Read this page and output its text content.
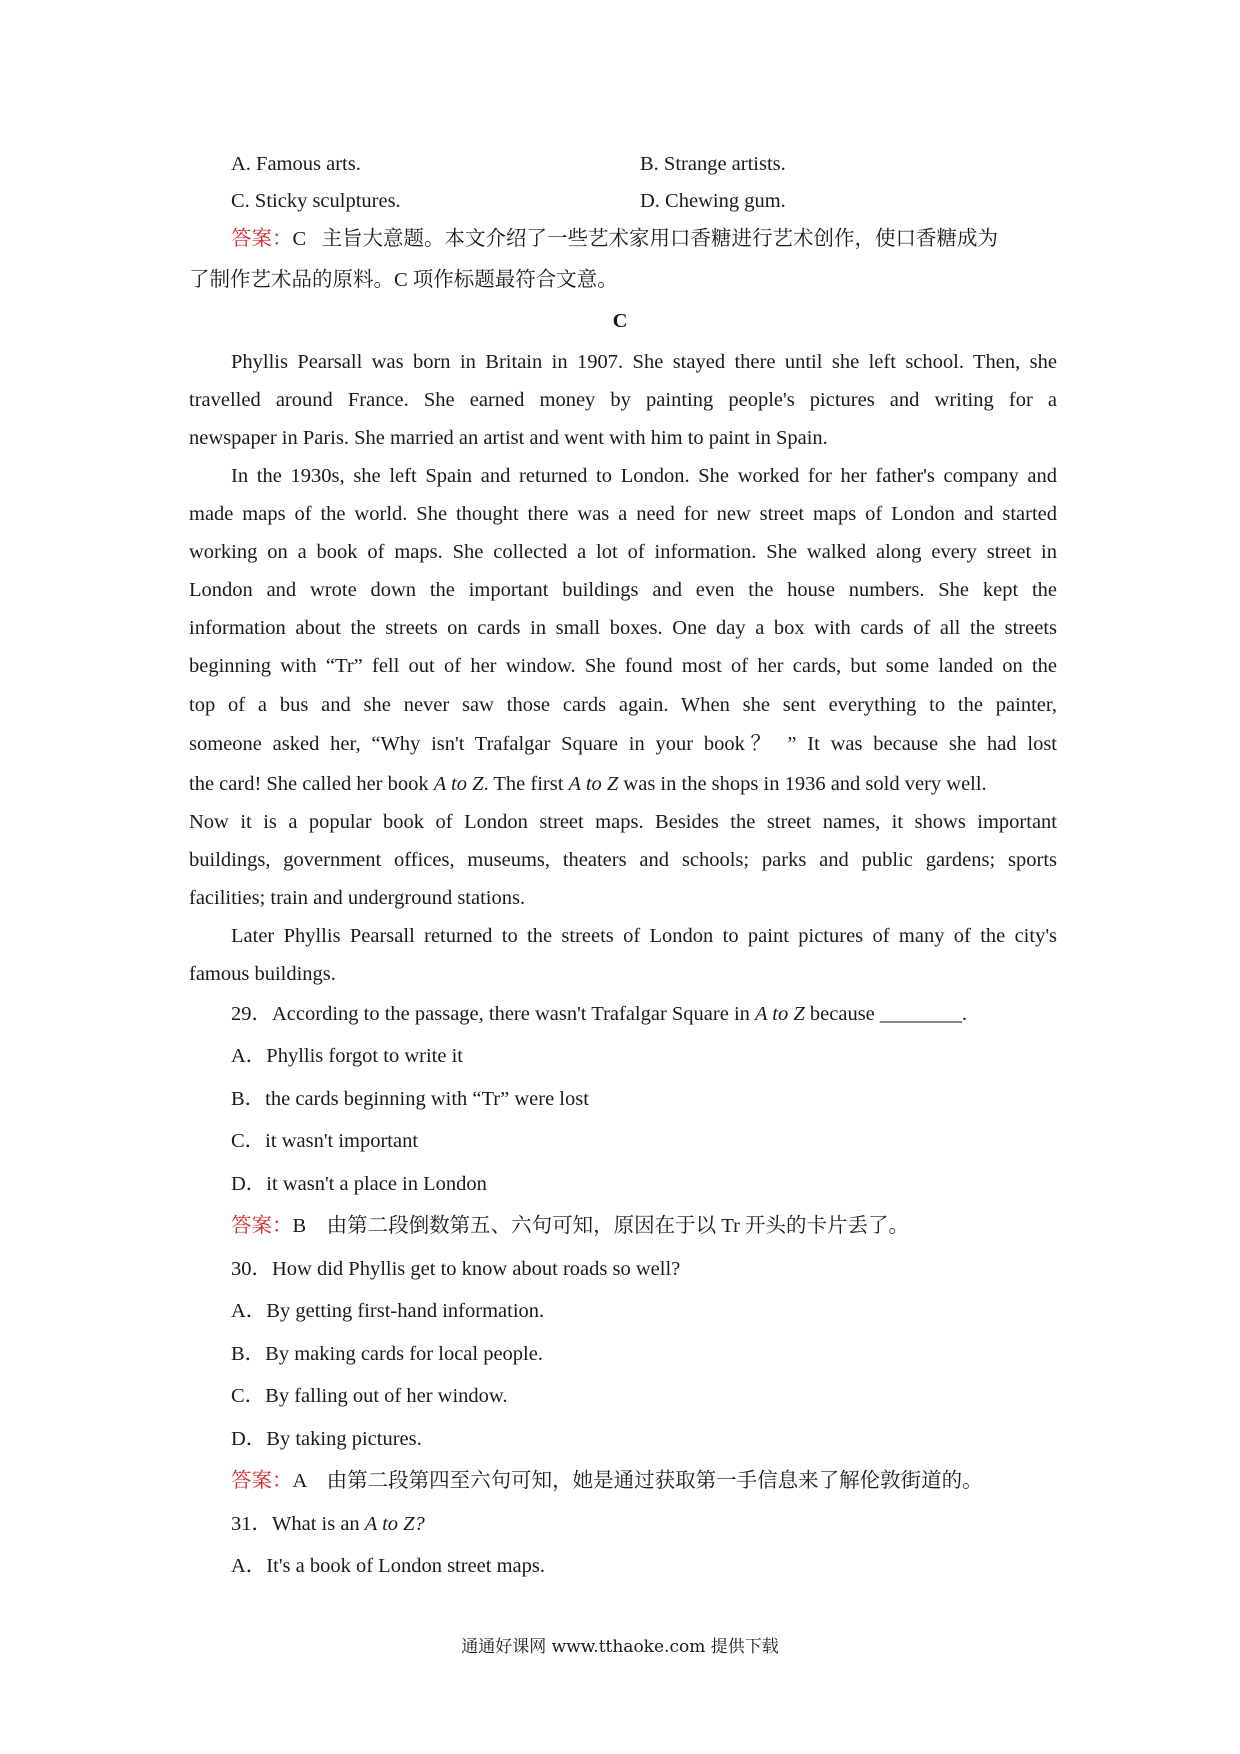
A. Famous arts.	B. Strange artists.
C. Sticky sculptures.	D. Chewing gum.
答案：C 主旨大意题。本文介绍了一些艺术家用口香糖进行艺术创作，使口香糖成为
了制作艺术品的原料。C 项作标题最符合文意。
C
Phyllis Pearsall was born in Britain in 1907. She stayed there until she left school. Then, she
travelled around France. She earned money by painting people's pictures and writing for a
newspaper in Paris. She married an artist and went with him to paint in Spain.
In the 1930s, she left Spain and returned to London. She worked for her father's company and
made maps of the world. She thought there was a need for new street maps of London and started
working on a book of maps. She collected a lot of information. She walked along every street in
London and wrote down the important buildings and even the house numbers. She kept the
information about the streets on cards in small boxes. One day a box with cards of all the streets
beginning with “Tr” fell out of her window. She found most of her cards, but some landed on the
top of a bus and she never saw those cards again. When she sent everything to the painter,
someone asked her, “Why isn't Trafalgar Square in your book？ ” It was because she had lost
the card! She called her book A to Z. The first A to Z was in the shops in 1936 and sold very well.
Now it is a popular book of London street maps. Besides the street names, it shows important
buildings, government offices, museums, theaters and schools; parks and public gardens; sports
facilities; train and underground stations.
Later Phyllis Pearsall returned to the streets of London to paint pictures of many of the city's
famous buildings.
29．According to the passage, there wasn't Trafalgar Square in A to Z because ________.
A．Phyllis forgot to write it
B．the cards beginning with “Tr” were lost
C．it wasn't important
D．it wasn't a place in London
答案：B　由第二段倒数第五、六句可知，原因在于以 Tr 开头的卡片丢了。
30．How did Phyllis get to know about roads so well?
A．By getting first-hand information.
B．By making cards for local people.
C．By falling out of her window.
D．By taking pictures.
答案：A　由第二段第四至六句可知，她是通过获取第一手信息来了解伦敦街道的。
31．What is an A to Z?
A．It's a book of London street maps.
通通好课网 www.tthaoke.com 提供下载
